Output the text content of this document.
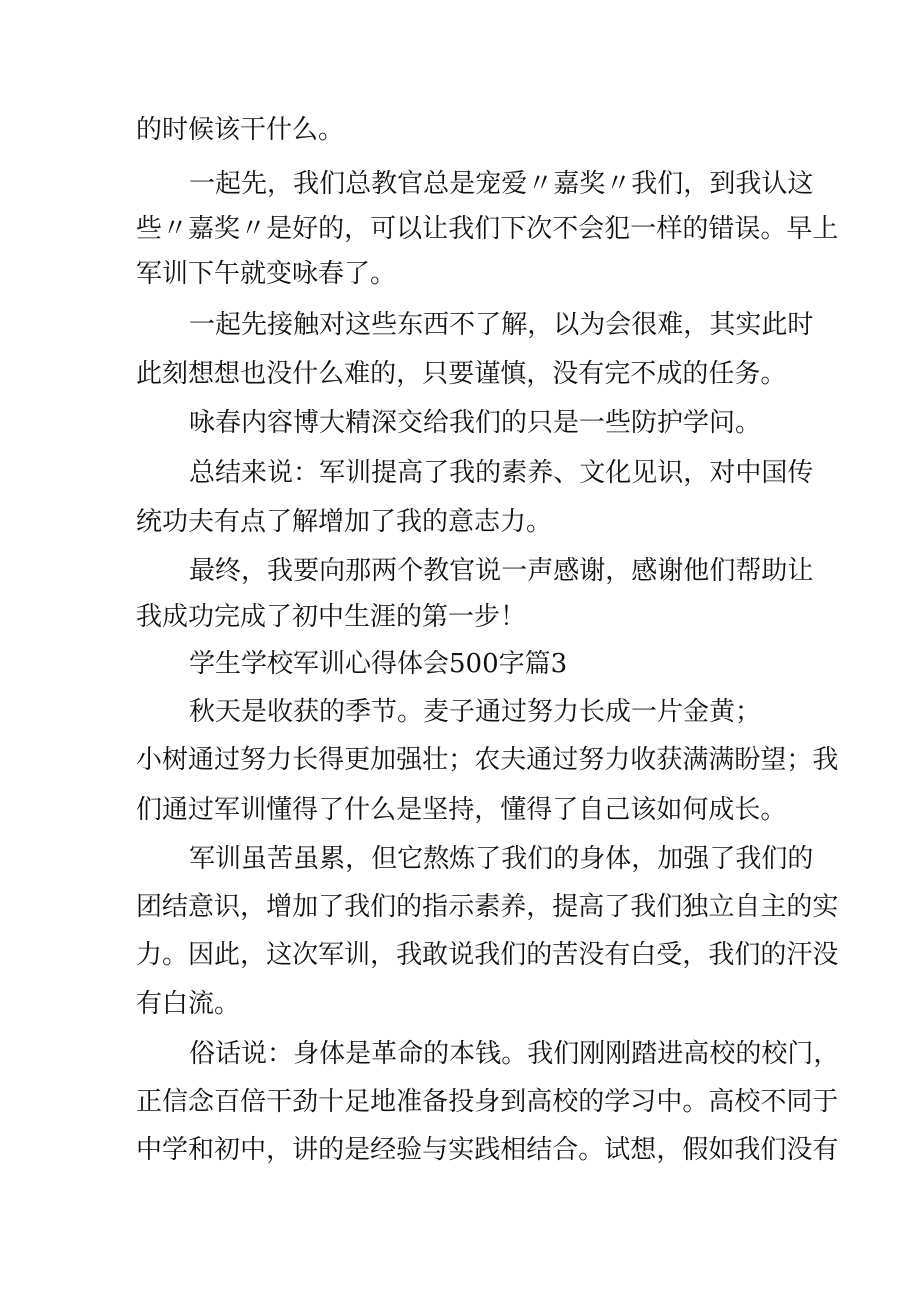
的时候该干什么。
一 起 先 ， 我 们 总 教 官 总 是 宠 爱 〃 嘉 奖 〃 我 们 ， 到 我 认 这
些 〃 嘉 奖 〃 是 好 的 ， 可 以 让 我 们 下 次 不 会 犯 一 样 的 错 误 。 早 上
军训下午就变咏春了。
一 起 先 接 触 对 这 些 东 西 不 了 解 ， 以 为 会 很 难 ， 其 实 此 时
此 刻 想 想 也 没 什 么 难 的 ， 只 要 谨 慎 ， 没 有 完 不 成 的 任 务 。
咏春内容博大精深交给我们的只是一些防护学问。
总 结 来 说 ： 军 训 提 高 了 我 的 素 养 、 文 化 见 识 ， 对 中 国 传
统功夫有点了解增加了我的意志力。
最 终 ， 我 要 向 那 两 个 教 官 说 一 声 感 谢 ， 感 谢 他 们 帮 助 让
我成功完成了初中生涯的第一步！
学生学校军训心得体会500字篇3
秋天是收获的季节。麦子通过努力长成一片金黄；
小 树 通 过 努 力 长 得 更 加 强 壮 ； 农 夫 通 过 努 力 收 获 满 满 盼 望 ； 我
们 通 过 军 训 懂 得 了 什 么 是 坚 持 ， 懂 得 了 自 己 该 如 何 成 长 。
军 训 虽 苦 虽 累 ， 但 它 熬 炼 了 我 们 的 身 体 ， 加 强 了 我 们 的
团 结 意 识 ， 增 加 了 我 们 的 指 示 素 养 ， 提 高 了 我 们 独 立 自 主 的 实
力 。 因 此 ， 这 次 军 训 ， 我 敢 说 我 们 的 苦 没 有 白 受 ， 我 们 的 汗 没
有白流。
俗 话 说 ： 身 体 是 革 命 的 本 钱 。 我 们 刚 刚 踏 进 高 校 的 校 门 ，
正 信 念 百 倍 干 劲 十 足 地 准 备 投 身 到 高 校 的 学 习 中 。 高 校 不 同 于
中 学 和 初 中 ， 讲 的 是 经 验 与 实 践 相 结 合 。 试 想 ， 假 如 我 们 没 有
